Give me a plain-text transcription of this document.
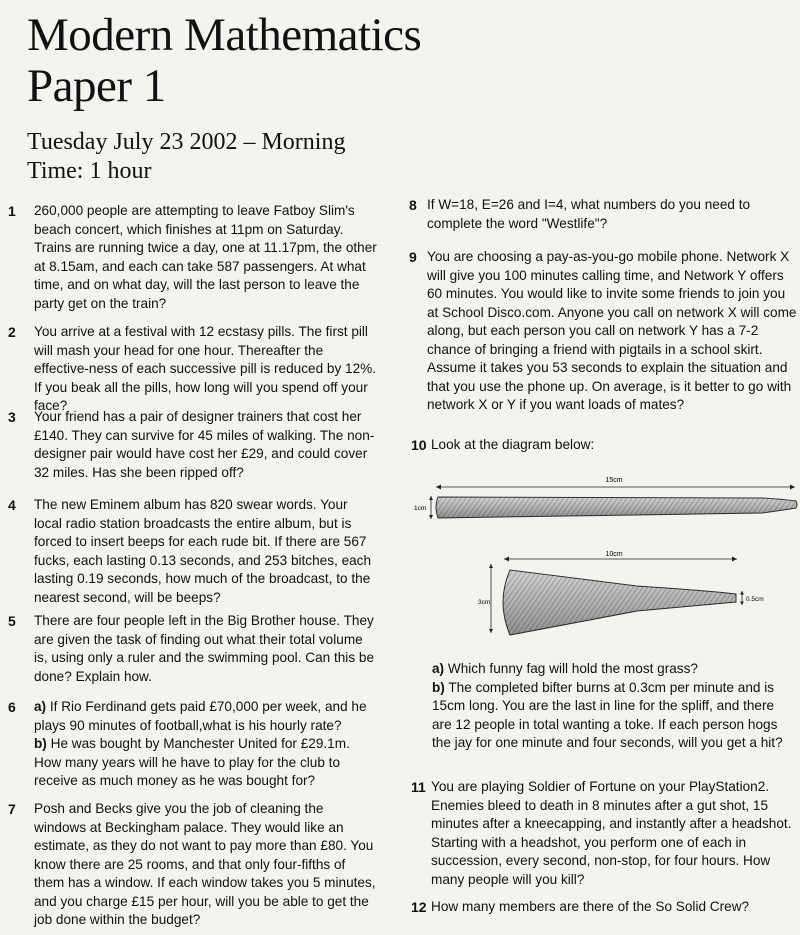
Modern Mathematics
Paper 1
Tuesday July 23 2002 – Morning
Time: 1 hour
1	260,000 people are attempting to leave Fatboy Slim's beach concert, which finishes at 11pm on Saturday. Trains are running twice a day, one at 11.17pm, the other at 8.15am, and each can take 587 passengers. At what time, and on what day, will the last person to leave the party get on the train?
2	You arrive at a festival with 12 ecstasy pills. The first pill will mash your head for one hour. Thereafter the effective-ness of each successive pill is reduced by 12%. If you beak all the pills, how long will you spend off your face?
3	Your friend has a pair of designer trainers that cost her £140. They can survive for 45 miles of walking. The non-designer pair would have cost her £29, and could cover 32 miles. Has she been ripped off?
4	The new Eminem album has 820 swear words. Your local radio station broadcasts the entire album, but is forced to insert beeps for each rude bit. If there are 567 fucks, each lasting 0.13 seconds, and 253 bitches, each lasting 0.19 seconds, how much of the broadcast, to the nearest second, will be beeps?
5	There are four people left in the Big Brother house. They are given the task of finding out what their total volume is, using only a ruler and the swimming pool. Can this be done? Explain how.
6	a) If Rio Ferdinand gets paid £70,000 per week, and he plays 90 minutes of football,what is his hourly rate?
b) He was bought by Manchester United for £29.1m. How many years will he have to play for the club to receive as much money as he was bought for?
7	Posh and Becks give you the job of cleaning the windows at Beckingham palace. They would like an estimate, as they do not want to pay more than £80. You know there are 25 rooms, and that only four-fifths of them has a window. If each window takes you 5 minutes, and you charge £15 per hour, will you be able to get the job done within the budget?
8 If W=18, E=26 and I=4, what numbers do you need to complete the word "Westlife"?
9 You are choosing a pay-as-you-go mobile phone. Network X will give you 100 minutes calling time, and Network Y offers 60 minutes. You would like to invite some friends to join you at School Disco.com. Anyone you call on network X will come along, but each person you call on network Y has a 7-2 chance of bringing a friend with pigtails in a school skirt. Assume it takes you 53 seconds to explain the situation and that you use the phone up. On average, is it better to go with network X or Y if you want loads of mates?
10 Look at the diagram below:
15cm
1cm
10cm
3cm	0.5cm
a) Which funny fag will hold the most grass?
b) The completed bifter burns at 0.3cm per minute and is 15cm long. You are the last in line for the spliff, and there are 12 people in total wanting a toke. If each person hogs the jay for one minute and four seconds, will you get a hit?
11 You are playing Soldier of Fortune on your PlayStation2. Enemies bleed to death in 8 minutes after a gut shot, 15 minutes after a kneecapping, and instantly after a headshot. Starting with a headshot, you perform one of each in succession, every second, non-stop, for four hours. How many people will you kill?
12 How many members are there of the So Solid Crew?
